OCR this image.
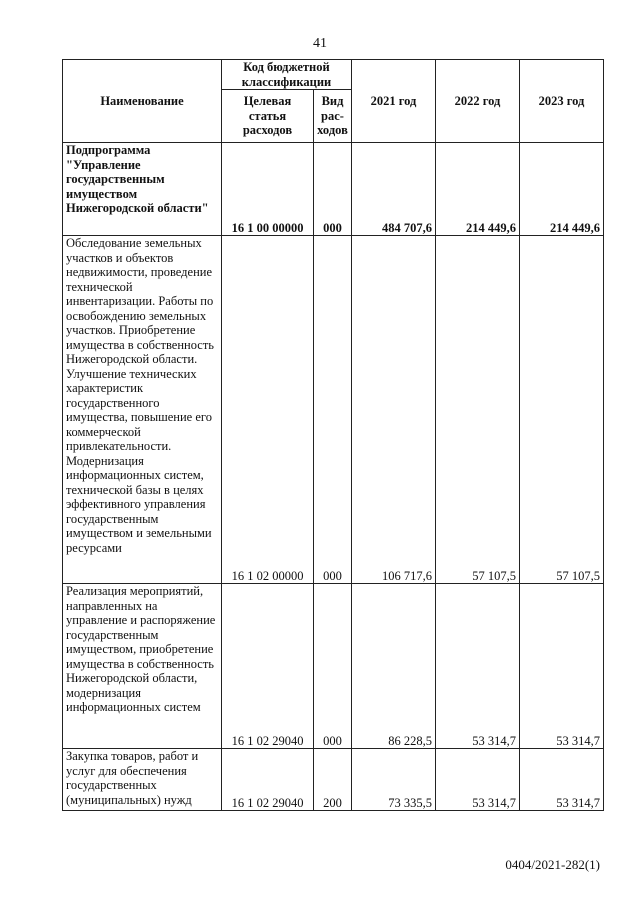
41
Наименование	Код бюджетной классификации		2021 год	2022 год	2023 год
	Целевая статья расходов	Вид рас-ходов			
Подпрограмма "Управление государственным имуществом Нижегородской области"	16 1 00 00000	000	484 707,6	214 449,6	214 449,6
Обследование земельных участков и объектов недвижимости, проведение технической инвентаризации. Работы по освобождению земельных участков. Приобретение имущества в собственность Нижегородской области. Улучшение технических характеристик государственного имущества, повышение его коммерческой привлекательности. Модернизация информационных систем, технической базы в целях эффективного управления государственным имуществом и земельными ресурсами	16 1 02 00000	000	106 717,6	57 107,5	57 107,5
Реализация мероприятий, направленных на управление и распоряжение государственным имуществом, приобретение имущества в собственность Нижегородской области, модернизация информационных систем	16 1 02 29040	000	86 228,5	53 314,7	53 314,7
Закупка товаров, работ и услуг для обеспечения государственных (муниципальных) нужд	16 1 02 29040	200	73 335,5	53 314,7	53 314,7
0404/2021-282(1)
